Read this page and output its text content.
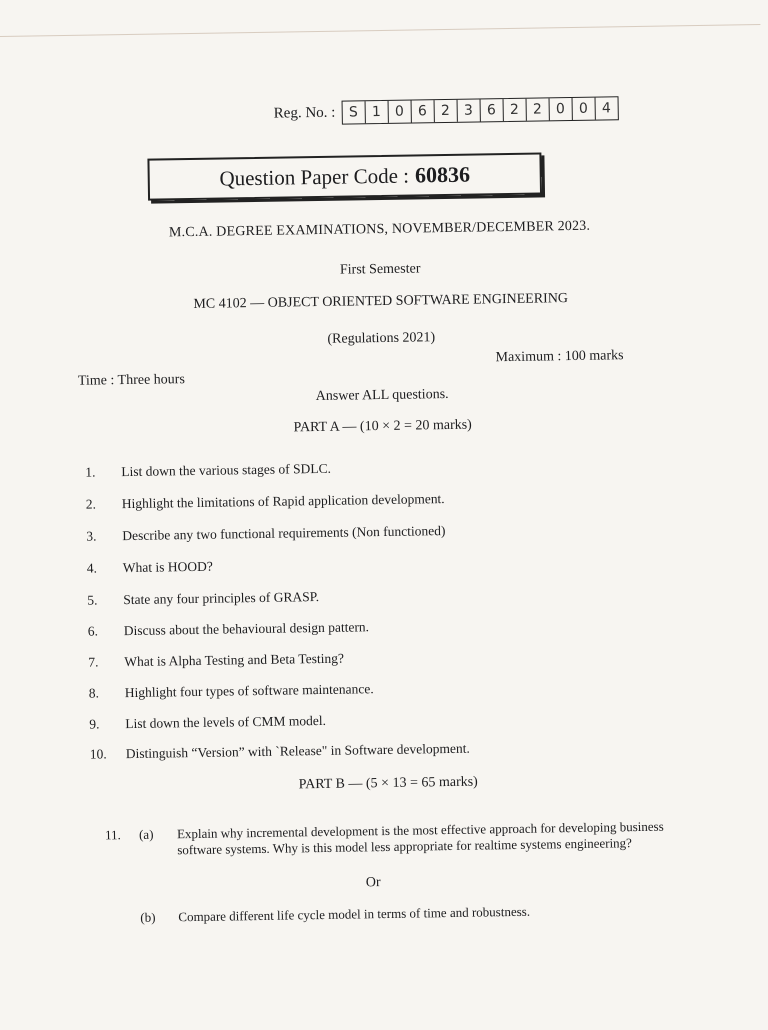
Reg. No. : S 1 0 6 2 3 6 2 2 0 0 4
Question Paper Code : 60836
M.C.A. DEGREE EXAMINATIONS, NOVEMBER/DECEMBER 2023.
First Semester
MC 4102 — OBJECT ORIENTED SOFTWARE ENGINEERING
(Regulations 2021)
Maximum : 100 marks
Time : Three hours
Answer ALL questions.
PART A — (10 × 2 = 20 marks)
1.	List down the various stages of SDLC.
2.	Highlight the limitations of Rapid application development.
3.	Describe any two functional requirements (Non functioned)
4.	What is HOOD?
5.	State any four principles of GRASP.
6.	Discuss about the behavioural design pattern.
7.	What is Alpha Testing and Beta Testing?
8.	Highlight four types of software maintenance.
9.	List down the levels of CMM model.
10.	Distinguish “Version” with `Release" in Software development.
PART B — (5 × 13 = 65 marks)
11.	(a)	Explain why incremental development is the most effective approach for developing business software systems. Why is this model less appropriate for realtime systems engineering?
Or
(b)	Compare different life cycle model in terms of time and robustness.
